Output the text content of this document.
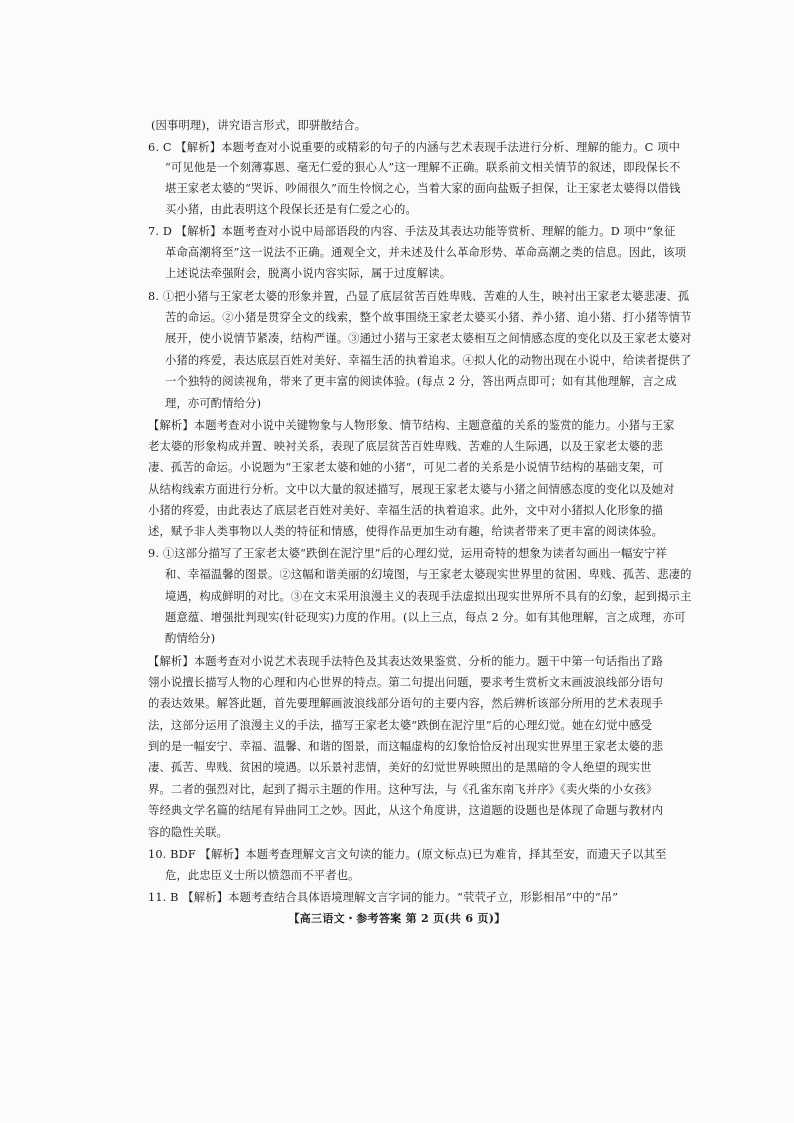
(因事明理)，讲究语言形式，即骈散结合。
6. C 【解析】本题考查对小说重要的或精彩的句子的内涵与艺术表现手法进行分析、理解的能力。C 项中
“可见他是一个刻薄寡恩、毫无仁爱的狠心人”这一理解不正确。联系前文相关情节的叙述，即段保长不
堪王家老太婆的“哭诉、吵闹很久”而生怜悯之心，当着大家的面向盐贩子担保，让王家老太婆得以借钱
买小猪，由此表明这个段保长还是有仁爱之心的。
7. D 【解析】本题考查对小说中局部语段的内容、手法及其表达功能等赏析、理解的能力。D 项中“象征
革命高潮将至”这一说法不正确。通观全文，并未述及什么革命形势、革命高潮之类的信息。因此，该项
上述说法牵强附会，脱离小说内容实际，属于过度解读。
8. ①把小猪与王家老太婆的形象并置，凸显了底层贫苦百姓卑贱、苦难的人生，映衬出王家老太婆悲凄、孤
苦的命运。②小猪是贯穿全文的线索，整个故事围绕王家老太婆买小猪、养小猪、追小猪、打小猪等情节
展开，使小说情节紧凑，结构严谨。③通过小猪与王家老太婆相互之间情感态度的变化以及王家老太婆对
小猪的疼爱，表达底层百姓对美好、幸福生活的执着追求。④拟人化的动物出现在小说中，给读者提供了
一个独特的阅读视角，带来了更丰富的阅读体验。(每点 2 分，答出两点即可；如有其他理解，言之成
理，亦可酌情给分)
【解析】本题考查对小说中关键物象与人物形象、情节结构、主题意蕴的关系的鉴赏的能力。小猪与王家
老太婆的形象构成并置、映衬关系，表现了底层贫苦百姓卑贱、苦难的人生际遇，以及王家老太婆的悲
凄、孤苦的命运。小说题为“王家老太婆和她的小猪”，可见二者的关系是小说情节结构的基础支架，可
从结构线索方面进行分析。文中以大量的叙述描写，展现王家老太婆与小猪之间情感态度的变化以及她对
小猪的疼爱，由此表达了底层老百姓对美好、幸福生活的执着追求。此外，文中对小猪拟人化形象的描
述，赋予非人类事物以人类的特征和情感，使得作品更加生动有趣，给读者带来了更丰富的阅读体验。
9. ①这部分描写了王家老太婆“跌倒在泥泞里”后的心理幻觉，运用奇特的想象为读者勾画出一幅安宁祥
和、幸福温馨的图景。②这幅和谐美丽的幻境图，与王家老太婆现实世界里的贫困、卑贱、孤苦、悲凄的
境遇，构成鲜明的对比。③在文末采用浪漫主义的表现手法虚拟出现实世界所不具有的幻象，起到揭示主
题意蕴、增强批判现实(针砭现实)力度的作用。(以上三点，每点 2 分。如有其他理解，言之成理，亦可
酌情给分)
【解析】本题考查对小说艺术表现手法特色及其表达效果鉴赏、分析的能力。题干中第一句话指出了路
翎小说擅长描写人物的心理和内心世界的特点。第二句提出问题，要求考生赏析文末画波浪线部分语句
的表达效果。解答此题，首先要理解画波浪线部分语句的主要内容，然后辨析该部分所用的艺术表现手
法，这部分运用了浪漫主义的手法，描写王家老太婆“跌倒在泥泞里”后的心理幻觉。她在幻觉中感受
到的是一幅安宁、幸福、温馨、和谐的图景，而这幅虚构的幻象恰恰反衬出现实世界里王家老太婆的悲
凄、孤苦、卑贱、贫困的境遇。以乐景衬悲情，美好的幻觉世界映照出的是黑暗的令人绝望的现实世
界。二者的强烈对比，起到了揭示主题的作用。这种写法，与《孔雀东南飞并序》《卖火柴的小女孩》
等经典文学名篇的结尾有异曲同工之妙。因此，从这个角度讲，这道题的设题也是体现了命题与教材内
容的隐性关联。
10. BDF 【解析】本题考查理解文言文句读的能力。(原文标点)已为难肯，择其至安，而遗天子以其至
危，此忠臣义士所以愤怨而不平者也。
11. B 【解析】本题考查结合具体语境理解文言字词的能力。“茕茕孑立，形影相吊”中的“吊”
【高三语文・参考答案 第 2 页(共 6 页)】
